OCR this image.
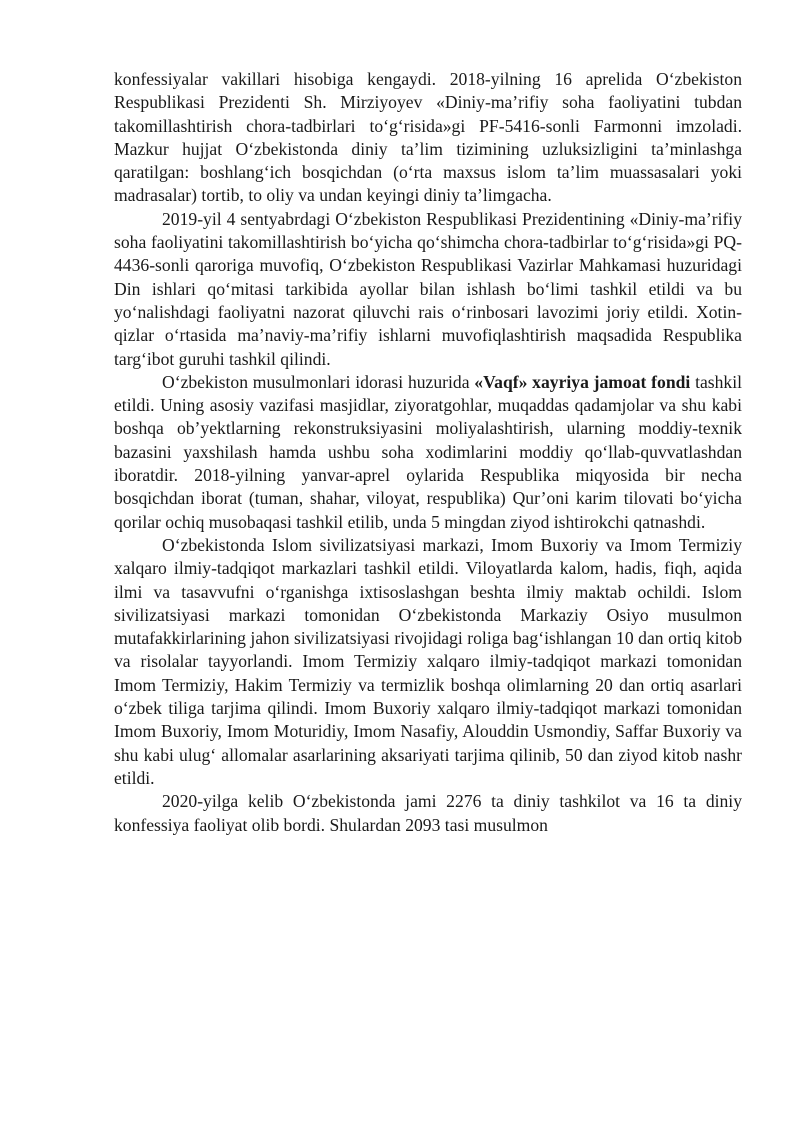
konfessiyalar vakillari hisobiga kengaydi. 2018-yilning 16 aprelida O‘zbekiston Respublikasi Prezidenti Sh. Mirziyoyev «Diniy-ma’rifiy soha faoliyatini tubdan takomillashtirish chora-tadbirlari to‘g‘risida»gi PF-5416-sonli Farmonni imzoladi. Mazkur hujjat O‘zbekistonda diniy ta’lim tizimining uzluksizligini ta’minlashga qaratilgan: boshlang‘ich bosqichdan (o‘rta maxsus islom ta’lim muassasalari yoki madrasalar) tortib, to oliy va undan keyingi diniy ta’limgacha.

2019-yil 4 sentyabrdagi O‘zbekiston Respublikasi Prezidentining «Diniy-ma’rifiy soha faoliyatini takomillashtirish bo‘yicha qo‘shimcha chora-tadbirlar to‘g‘risida»gi PQ-4436-sonli qaroriga muvofiq, O‘zbekiston Respublikasi Vazirlar Mahkamasi huzuridagi Din ishlari qo‘mitasi tarkibida ayollar bilan ishlash bo‘limi tashkil etildi va bu yo‘nalishdagi faoliyatni nazorat qiluvchi rais o‘rinbosari lavozimi joriy etildi. Xotin-qizlar o‘rtasida ma’naviy-ma’rifiy ishlarni muvofiqlashtirish maqsadida Respublika targ‘ibot guruhi tashkil qilindi.

O‘zbekiston musulmonlari idorasi huzurida «Vaqf» xayriya jamoat fondi tashkil etildi. Uning asosiy vazifasi masjidlar, ziyoratgohlar, muqaddas qadamjolar va shu kabi boshqa ob’yektlarning rekonstruksiyasini moliyalashtirish, ularning moddiy-texnik bazasini yaxshilash hamda ushbu soha xodimlarini moddiy qo‘llab-quvvatlashdan iboratdir. 2018-yilning yanvar-aprel oylarida Respublika miqyosida bir necha bosqichdan iborat (tuman, shahar, viloyat, respublika) Qur’oni karim tilovati bo‘yicha qorilar ochiq musobaqasi tashkil etilib, unda 5 mingdan ziyod ishtirokchi qatnashdi.

O‘zbekistonda Islom sivilizatsiyasi markazi, Imom Buxoriy va Imom Termiziy xalqaro ilmiy-tadqiqot markazlari tashkil etildi. Viloyatlarda kalom, hadis, fiqh, aqida ilmi va tasavvufni o‘rganishga ixtisoslashgan beshta ilmiy maktab ochildi. Islom sivilizatsiyasi markazi tomonidan O‘zbekistonda Markaziy Osiyo musulmon mutafakkirlarining jahon sivilizatsiyasi rivojidagi roliga bag‘ishlangan 10 dan ortiq kitob va risolalar tayyorlandi. Imom Termiziy xalqaro ilmiy-tadqiqot markazi tomonidan Imom Termiziy, Hakim Termiziy va termizlik boshqa olimlarning 20 dan ortiq asarlari o‘zbek tiliga tarjima qilindi. Imom Buxoriy xalqaro ilmiy-tadqiqot markazi tomonidan Imom Buxoriy, Imom Moturidiy, Imom Nasafiy, Alouddin Usmondiy, Saffar Buxoriy va shu kabi ulug‘ allomalar asarlarining aksariyati tarjima qilinib, 50 dan ziyod kitob nashr etildi.

2020-yilga kelib O‘zbekistonda jami 2276 ta diniy tashkilot va 16 ta diniy konfessiya faoliyat olib bordi. Shulardan 2093 tasi musulmon
